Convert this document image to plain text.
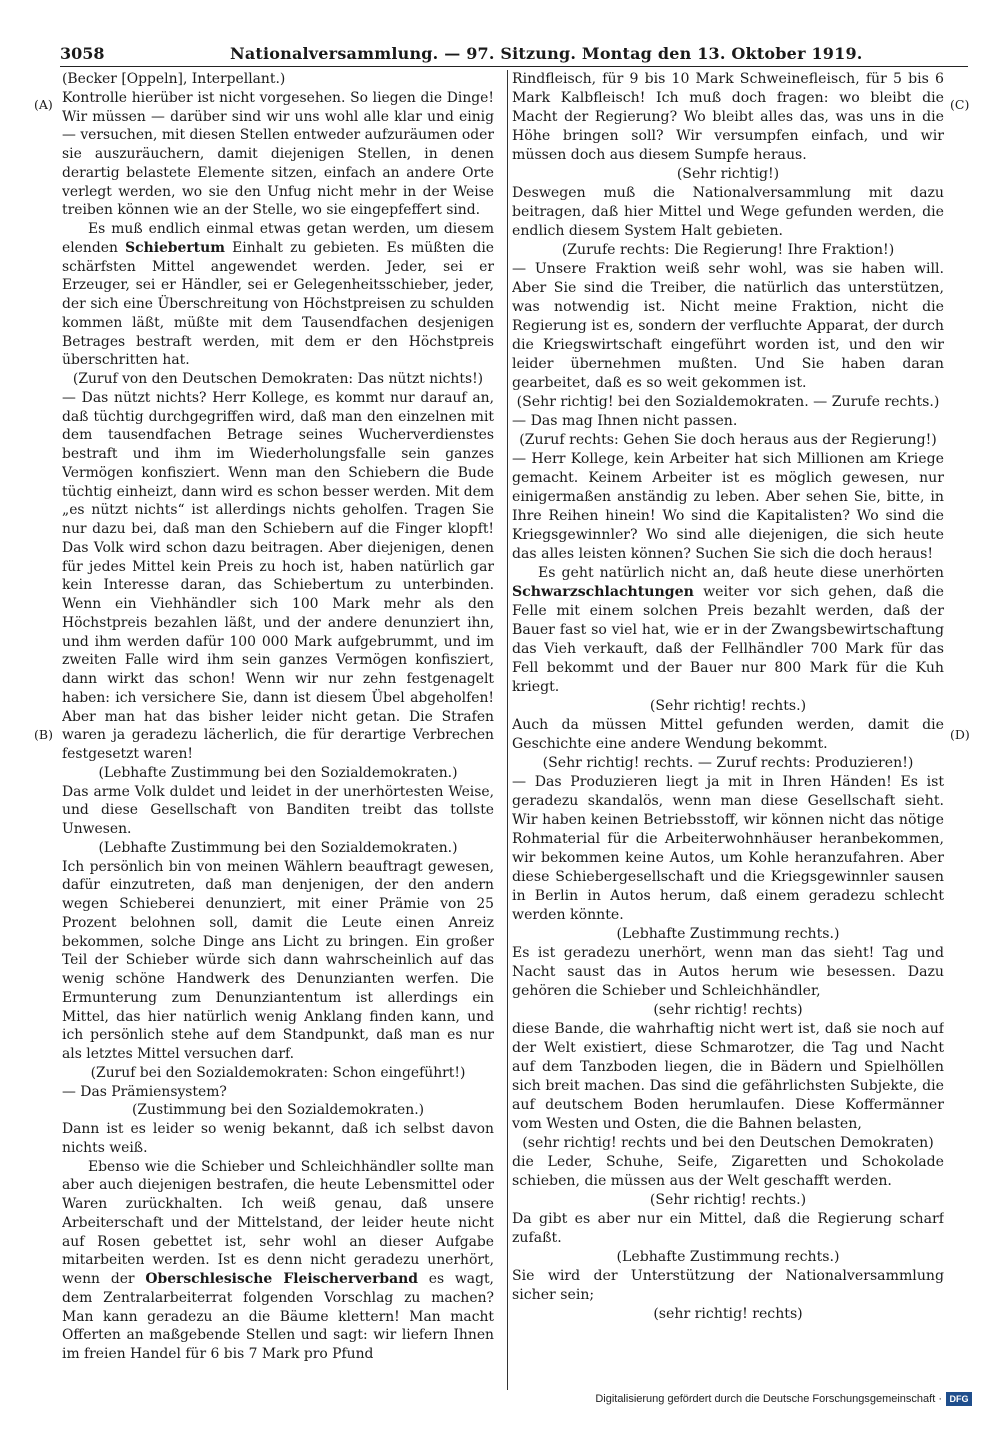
3058	Nationalversammlung. — 97. Sitzung. Montag den 13. Oktober 1919.
(A)
(B)
(C)
(D)

(Becker [Oppeln], Interpellant.)

Kontrolle hierüber ist nicht vorgesehen. So liegen die Dinge! Wir müssen — darüber sind wir uns wohl alle klar und einig — versuchen, mit diesen Stellen entweder aufzuräumen oder sie auszuräuchern, damit diejenigen Stellen, in denen derartig belastete Elemente sitzen, einfach an andere Orte verlegt werden, wo sie den Unfug nicht mehr in der Weise treiben können wie an der Stelle, wo sie eingepfeffert sind.

Es muß endlich einmal etwas getan werden, um diesem elenden Schiebertum Einhalt zu gebieten. Es müßten die schärfsten Mittel angewendet werden. Jeder, sei er Erzeuger, sei er Händler, sei er Gelegenheitsschieber, jeder, der sich eine Überschreitung von Höchstpreisen zu schulden kommen läßt, müßte mit dem Tausendfachen desjenigen Betrages bestraft werden, mit dem er den Höchstpreis überschritten hat.

(Zuruf von den Deutschen Demokraten: Das nützt nichts!)

— Das nützt nichts? Herr Kollege, es kommt nur darauf an, daß tüchtig durchgegriffen wird, daß man den einzelnen mit dem tausendfachen Betrage seines Wucherverdienstes bestraft und ihm im Wiederholungsfalle sein ganzes Vermögen konfisziert. Wenn man den Schiebern die Bude tüchtig einheizt, dann wird es schon besser werden. Mit dem „es nützt nichts“ ist allerdings nichts geholfen. Tragen Sie nur dazu bei, daß man den Schiebern auf die Finger klopft! Das Volk wird schon dazu beitragen. Aber diejenigen, denen für jedes Mittel kein Preis zu hoch ist, haben natürlich gar kein Interesse daran, das Schiebertum zu unterbinden. Wenn ein Viehhändler sich 100 Mark mehr als den Höchstpreis bezahlen läßt, und der andere denunziert ihn, und ihm werden dafür 100 000 Mark aufgebrummt, und im zweiten Falle wird ihm sein ganzes Vermögen konfisziert, dann wirkt das schon! Wenn wir nur zehn festgenagelt haben: ich versichere Sie, dann ist diesem Übel abgeholfen! Aber man hat das bisher leider nicht getan. Die Strafen waren ja geradezu lächerlich, die für derartige Verbrechen festgesetzt waren!

(Lebhafte Zustimmung bei den Sozialdemokraten.)

Das arme Volk duldet und leidet in der unerhörtesten Weise, und diese Gesellschaft von Banditen treibt das tollste Unwesen.

(Lebhafte Zustimmung bei den Sozialdemokraten.)

Ich persönlich bin von meinen Wählern beauftragt gewesen, dafür einzutreten, daß man denjenigen, der den andern wegen Schieberei denunziert, mit einer Prämie von 25 Prozent belohnen soll, damit die Leute einen Anreiz bekommen, solche Dinge ans Licht zu bringen. Ein großer Teil der Schieber würde sich dann wahrscheinlich auf das wenig schöne Handwerk des Denunzianten werfen. Die Ermunterung zum Denunziantentum ist allerdings ein Mittel, das hier natürlich wenig Anklang finden kann, und ich persönlich stehe auf dem Standpunkt, daß man es nur als letztes Mittel versuchen darf.

(Zuruf bei den Sozialdemokraten: Schon eingeführt!)

— Das Prämiensystem?

(Zustimmung bei den Sozialdemokraten.)

Dann ist es leider so wenig bekannt, daß ich selbst davon nichts weiß.

Ebenso wie die Schieber und Schleichhändler sollte man aber auch diejenigen bestrafen, die heute Lebensmittel oder Waren zurückhalten. Ich weiß genau, daß unsere Arbeiterschaft und der Mittelstand, der leider heute nicht auf Rosen gebettet ist, sehr wohl an dieser Aufgabe mitarbeiten werden. Ist es denn nicht geradezu unerhört, wenn der Oberschlesische Fleischerverband es wagt, dem Zentralarbeiterrat folgenden Vorschlag zu machen? Man kann geradezu an die Bäume klettern! Man macht Offerten an maßgebende Stellen und sagt: wir liefern Ihnen im freien Handel für 6 bis 7 Mark pro Pfund

Rindfleisch, für 9 bis 10 Mark Schweinefleisch, für 5 bis 6 Mark Kalbfleisch! Ich muß doch fragen: wo bleibt die Macht der Regierung? Wo bleibt alles das, was uns in die Höhe bringen soll? Wir versumpfen einfach, und wir müssen doch aus diesem Sumpfe heraus.

(Sehr richtig!)

Deswegen muß die Nationalversammlung mit dazu beitragen, daß hier Mittel und Wege gefunden werden, die endlich diesem System Halt gebieten.

(Zurufe rechts: Die Regierung! Ihre Fraktion!)

— Unsere Fraktion weiß sehr wohl, was sie haben will. Aber Sie sind die Treiber, die natürlich das unterstützen, was notwendig ist. Nicht meine Fraktion, nicht die Regierung ist es, sondern der verfluchte Apparat, der durch die Kriegswirtschaft eingeführt worden ist, und den wir leider übernehmen mußten. Und Sie haben daran gearbeitet, daß es so weit gekommen ist.

(Sehr richtig! bei den Sozialdemokraten. — Zurufe rechts.)

— Das mag Ihnen nicht passen.

(Zuruf rechts: Gehen Sie doch heraus aus der Regierung!)

— Herr Kollege, kein Arbeiter hat sich Millionen am Kriege gemacht. Keinem Arbeiter ist es möglich gewesen, nur einigermaßen anständig zu leben. Aber sehen Sie, bitte, in Ihre Reihen hinein! Wo sind die Kapitalisten? Wo sind die Kriegsgewinnler? Wo sind alle diejenigen, die sich heute das alles leisten können? Suchen Sie sich die doch heraus!

Es geht natürlich nicht an, daß heute diese unerhörten Schwarzschlachtungen weiter vor sich gehen, daß die Felle mit einem solchen Preis bezahlt werden, daß der Bauer fast so viel hat, wie er in der Zwangsbewirtschaftung das Vieh verkauft, daß der Fellhändler 700 Mark für das Fell bekommt und der Bauer nur 800 Mark für die Kuh kriegt.

(Sehr richtig! rechts.)

Auch da müssen Mittel gefunden werden, damit die Geschichte eine andere Wendung bekommt.

(Sehr richtig! rechts. — Zuruf rechts: Produzieren!)

— Das Produzieren liegt ja mit in Ihren Händen! Es ist geradezu skandalös, wenn man diese Gesellschaft sieht. Wir haben keinen Betriebsstoff, wir können nicht das nötige Rohmaterial für die Arbeiterwohnhäuser heranbekommen, wir bekommen keine Autos, um Kohle heranzufahren. Aber diese Schiebergesellschaft und die Kriegsgewinnler sausen in Berlin in Autos herum, daß einem geradezu schlecht werden könnte.

(Lebhafte Zustimmung rechts.)

Es ist geradezu unerhört, wenn man das sieht! Tag und Nacht saust das in Autos herum wie besessen. Dazu gehören die Schieber und Schleichhändler,

(sehr richtig! rechts)

diese Bande, die wahrhaftig nicht wert ist, daß sie noch auf der Welt existiert, diese Schmarotzer, die Tag und Nacht auf dem Tanzboden liegen, die in Bädern und Spielhöllen sich breit machen. Das sind die gefährlichsten Subjekte, die auf deutschem Boden herumlaufen. Diese Koffermänner vom Westen und Osten, die die Bahnen belasten,

(sehr richtig! rechts und bei den Deutschen Demokraten)

die Leder, Schuhe, Seife, Zigaretten und Schokolade schieben, die müssen aus der Welt geschafft werden.

(Sehr richtig! rechts.)

Da gibt es aber nur ein Mittel, daß die Regierung scharf zufaßt.

(Lebhafte Zustimmung rechts.)

Sie wird der Unterstützung der Nationalversammlung sicher sein;

(sehr richtig! rechts)

Digitalisierung gefördert durch die Deutsche Forschungsgemeinschaft · DFG
